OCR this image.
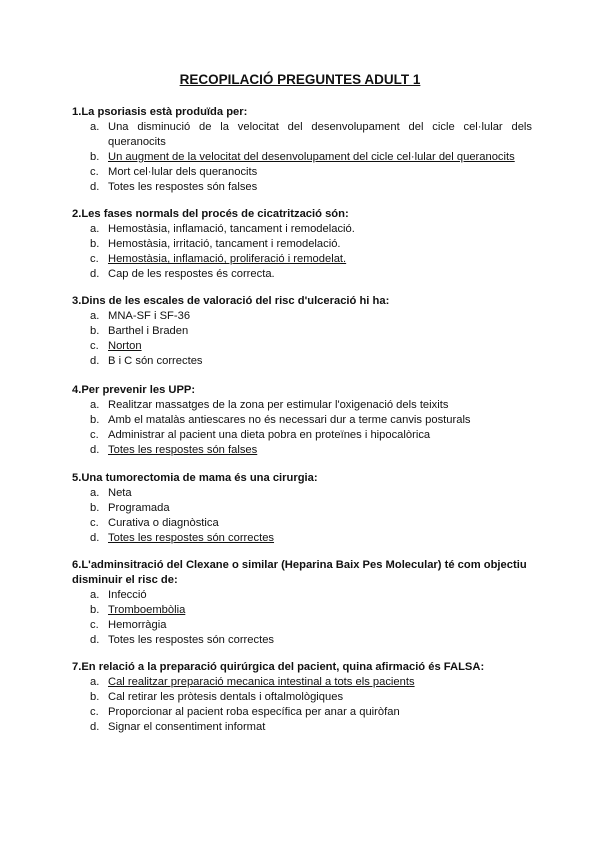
RECOPILACIÓ PREGUNTES ADULT 1
1.La psoriasis està produïda per:
a. Una disminució de la velocitat del desenvolupament del cicle cel·lular dels queranocits
b. Un augment de la velocitat del desenvolupament del cicle cel·lular del queranocits
c. Mort cel·lular dels queranocits
d. Totes les respostes són falses
2.Les fases normals del procés de cicatrització són:
a. Hemostàsia, inflamació, tancament i remodelació.
b. Hemostàsia, irritació, tancament i remodelació.
c. Hemostàsia, inflamació, proliferació i remodelat.
d. Cap de les respostes és correcta.
3.Dins de les escales de valoració del risc d'ulceració hi ha:
a. MNA-SF i SF-36
b. Barthel i Braden
c. Norton
d. B i C són correctes
4.Per prevenir les UPP:
a. Realitzar massatges de la zona per estimular l'oxigenació dels teixits
b. Amb el matalàs antiescares no és necessari dur a terme canvis posturals
c. Administrar al pacient una dieta pobra en proteïnes i hipocalòrica
d. Totes les respostes són falses
5.Una tumorectomia de mama és una cirurgia:
a. Neta
b. Programada
c. Curativa o diagnòstica
d. Totes les respostes són correctes
6.L'adminsitració del Clexane o similar (Heparina Baix Pes Molecular) té com objectiu disminuir el risc de:
a. Infecció
b. Tromboembòlia
c. Hemorràgia
d. Totes les respostes són correctes
7.En relació a la preparació quirúrgica del pacient, quina afirmació és FALSA:
a. Cal realitzar preparació mecanica intestinal a tots els pacients
b. Cal retirar les pròtesis dentals i oftalmològiques
c. Proporcionar al pacient roba específica per anar a quiròfan
d. Signar el consentiment informat
